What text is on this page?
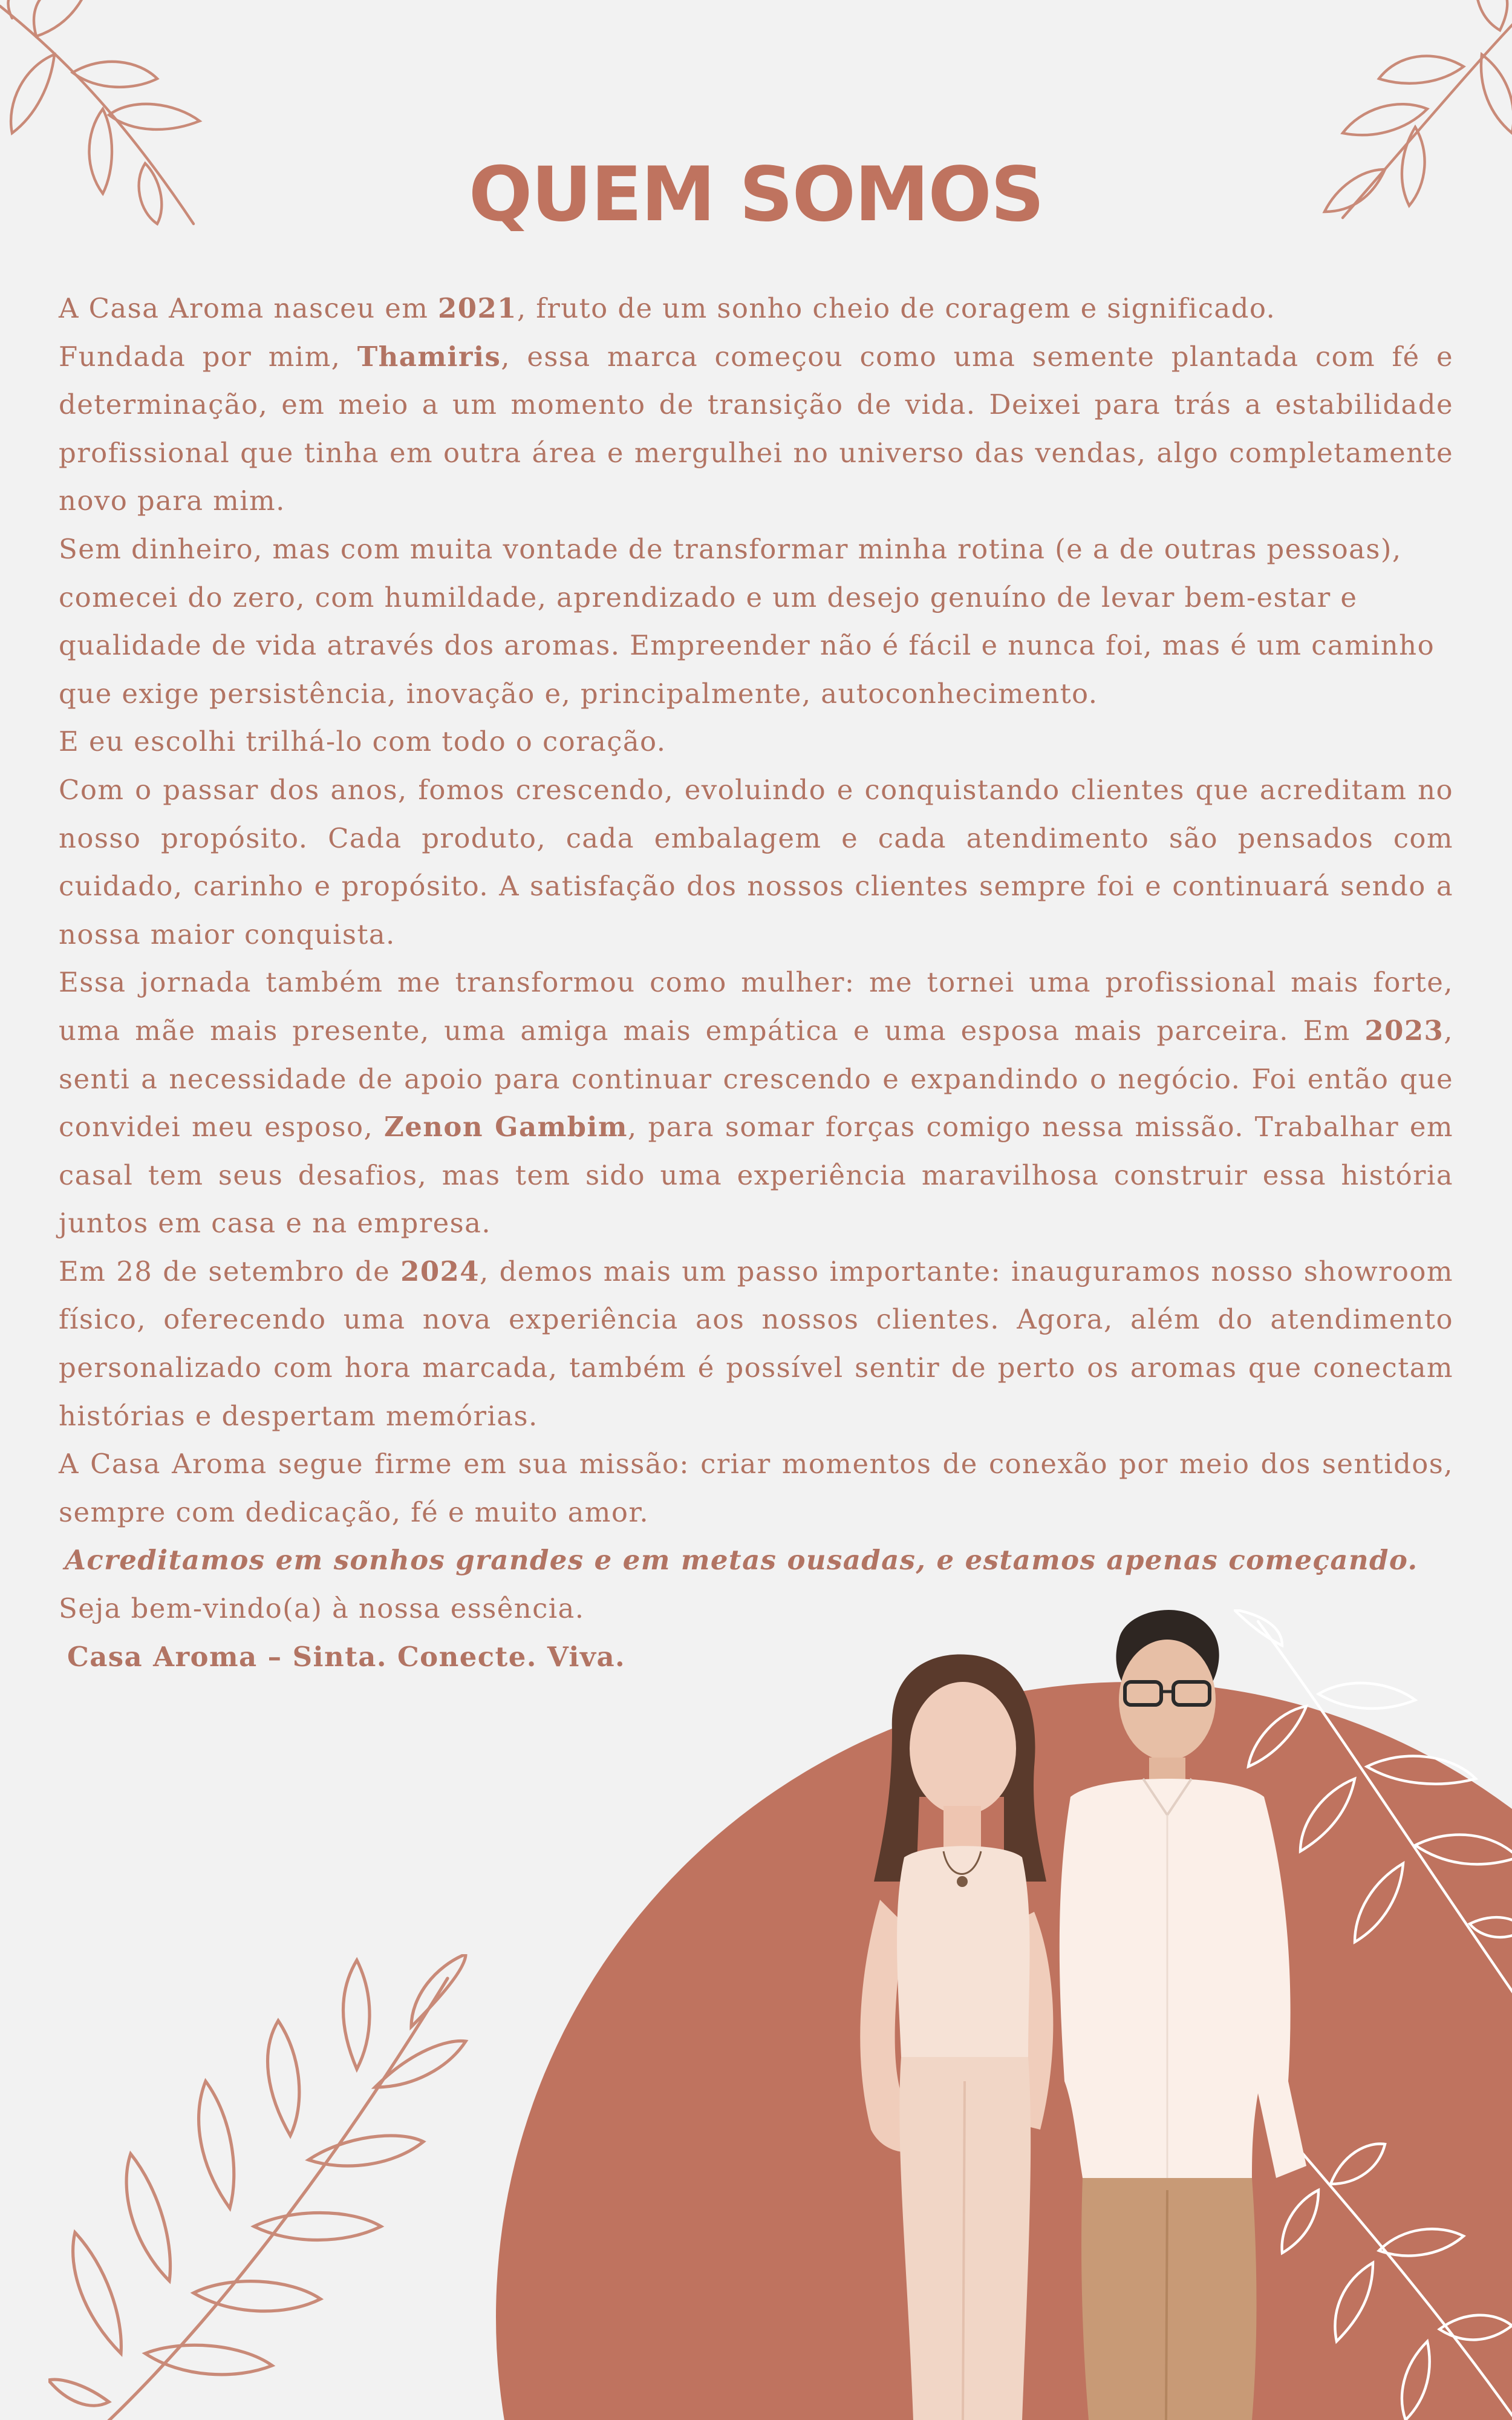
QUEM SOMOS

A Casa Aroma nasceu em 2021, fruto de um sonho cheio de coragem e significado.

Fundada por mim, Thamiris, essa marca começou como uma semente plantada com fé e determinação, em meio a um momento de transição de vida. Deixei para trás a estabilidade profissional que tinha em outra área e mergulhei no universo das vendas, algo completamente novo para mim.

Sem dinheiro, mas com muita vontade de transformar minha rotina (e a de outras pessoas), comecei do zero, com humildade, aprendizado e um desejo genuíno de levar bem-estar e qualidade de vida através dos aromas. Empreender não é fácil e nunca foi, mas é um caminho que exige persistência, inovação e, principalmente, autoconhecimento.

E eu escolhi trilhá-lo com todo o coração.

Com o passar dos anos, fomos crescendo, evoluindo e conquistando clientes que acreditam no nosso propósito. Cada produto, cada embalagem e cada atendimento são pensados com cuidado, carinho e propósito. A satisfação dos nossos clientes sempre foi e continuará sendo a nossa maior conquista.

Essa jornada também me transformou como mulher: me tornei uma profissional mais forte, uma mãe mais presente, uma amiga mais empática e uma esposa mais parceira. Em 2023, senti a necessidade de apoio para continuar crescendo e expandindo o negócio. Foi então que convidei meu esposo, Zenon Gambim, para somar forças comigo nessa missão. Trabalhar em casal tem seus desafios, mas tem sido uma experiência maravilhosa construir essa história juntos em casa e na empresa.

Em 28 de setembro de 2024, demos mais um passo importante: inauguramos nosso showroom físico, oferecendo uma nova experiência aos nossos clientes. Agora, além do atendimento personalizado com hora marcada, também é possível sentir de perto os aromas que conectam histórias e despertam memórias.

A Casa Aroma segue firme em sua missão: criar momentos de conexão por meio dos sentidos, sempre com dedicação, fé e muito amor.

Acreditamos em sonhos grandes e em metas ousadas, e estamos apenas começando.

Seja bem-vindo(a) à nossa essência.

Casa Aroma – Sinta. Conecte. Viva.
